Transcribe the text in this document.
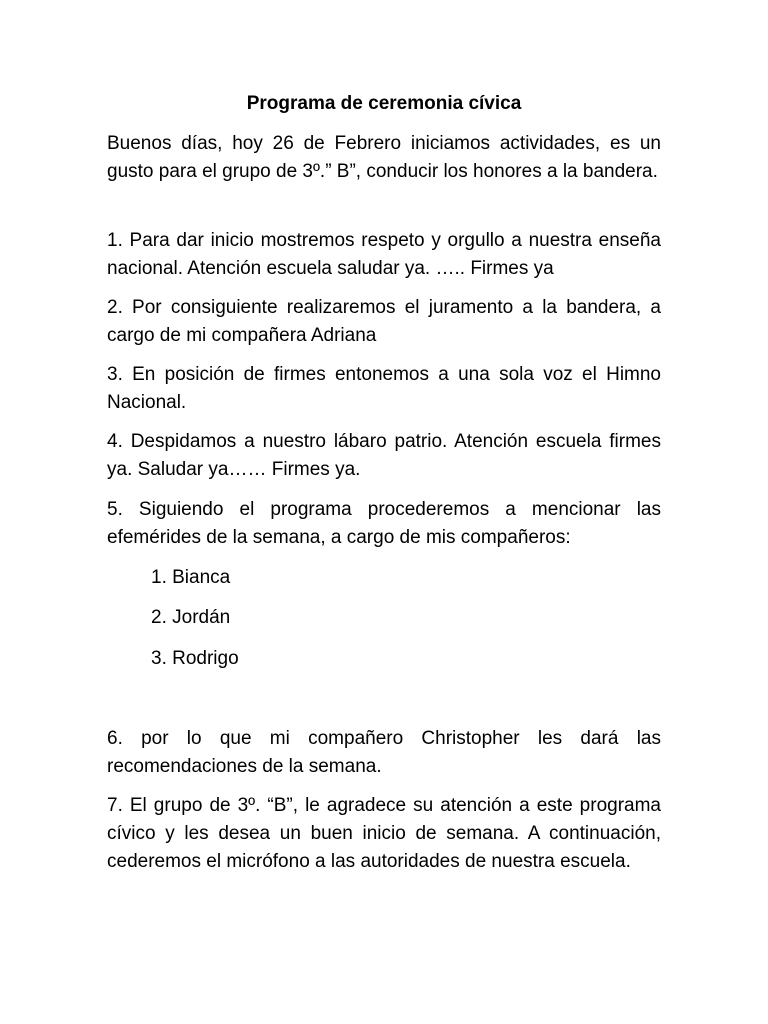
Programa de ceremonia cívica

Buenos días, hoy 26 de Febrero iniciamos actividades, es un gusto para el grupo de 3º.” B”, conducir los honores a la bandera.

1. Para dar inicio mostremos respeto y orgullo a nuestra enseña nacional. Atención escuela saludar ya. ….. Firmes ya

2. Por consiguiente realizaremos el juramento a la bandera, a cargo de mi compañera Adriana

3. En posición de firmes entonemos a una sola voz el Himno Nacional.

4. Despidamos a nuestro lábaro patrio. Atención escuela firmes ya. Saludar ya…… Firmes ya.

5. Siguiendo el programa procederemos a mencionar las efemérides de la semana, a cargo de mis compañeros:

1. Bianca

2. Jordán

3. Rodrigo

6. por lo que mi compañero Christopher les dará las recomendaciones de la semana.

7. El grupo de 3º. “B”, le agradece su atención a este programa cívico y les desea un buen inicio de semana. A continuación, cederemos el micrófono a las autoridades de nuestra escuela.
